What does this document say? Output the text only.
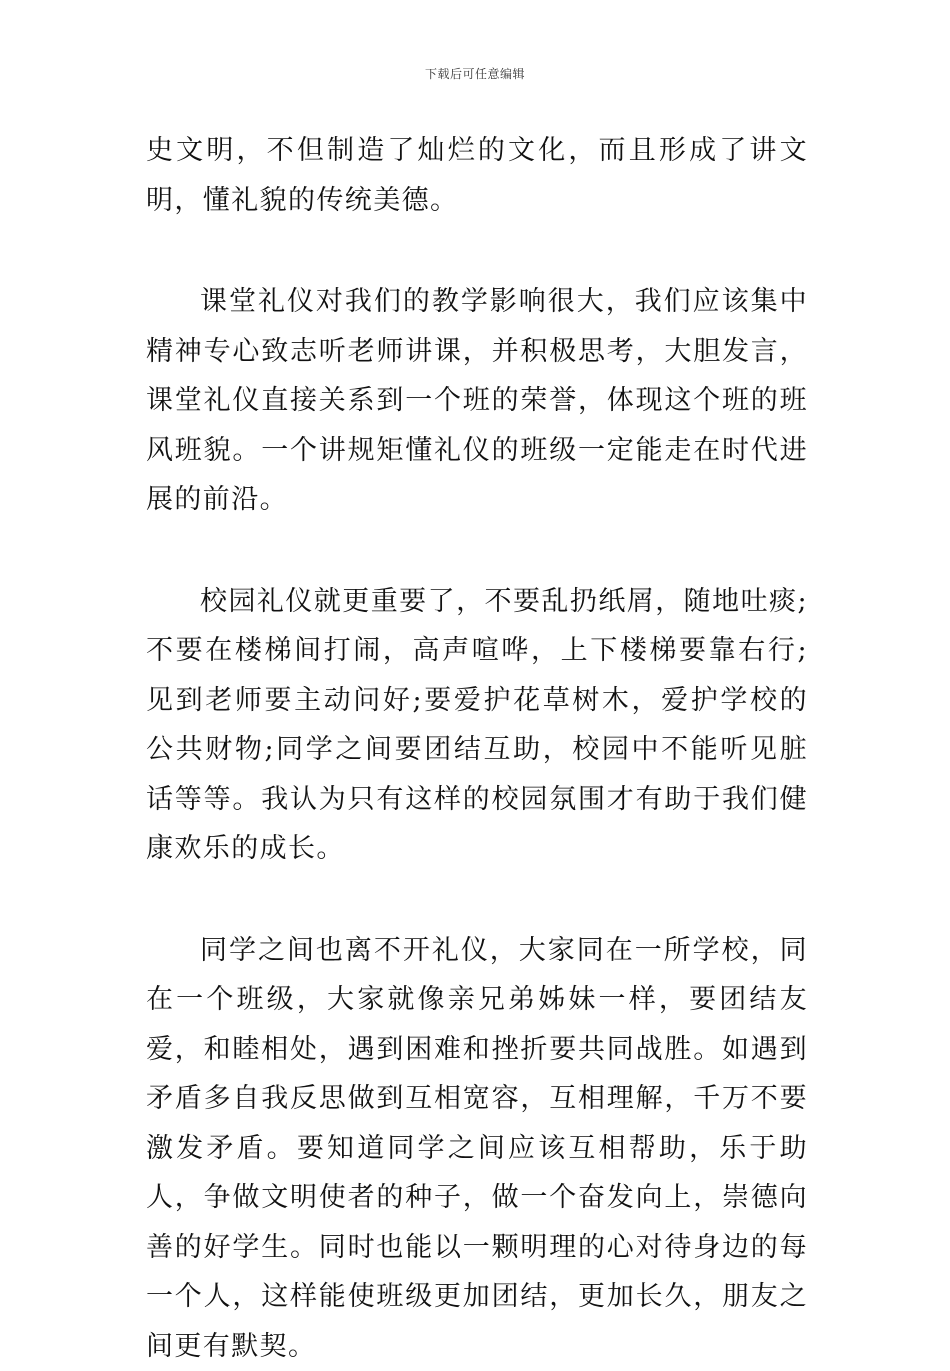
下载后可任意编辑

史文明，不但制造了灿烂的文化，而且形成了讲文明，懂礼貌的传统美德。

课堂礼仪对我们的教学影响很大，我们应该集中精神专心致志听老师讲课，并积极思考，大胆发言，课堂礼仪直接关系到一个班的荣誉，体现这个班的班风班貌。一个讲规矩懂礼仪的班级一定能走在时代进展的前沿。

校园礼仪就更重要了，不要乱扔纸屑，随地吐痰;不要在楼梯间打闹，高声喧哗，上下楼梯要靠右行;见到老师要主动问好;要爱护花草树木，爱护学校的公共财物;同学之间要团结互助，校园中不能听见脏话等等。我认为只有这样的校园氛围才有助于我们健康欢乐的成长。

同学之间也离不开礼仪，大家同在一所学校，同在一个班级，大家就像亲兄弟姊妹一样，要团结友爱，和睦相处，遇到困难和挫折要共同战胜。如遇到矛盾多自我反思做到互相宽容，互相理解，千万不要激发矛盾。要知道同学之间应该互相帮助，乐于助人，争做文明使者的种子，做一个奋发向上，崇德向善的好学生。同时也能以一颗明理的心对待身边的每一个人，这样能使班级更加团结，更加长久，朋友之间更有默契。
